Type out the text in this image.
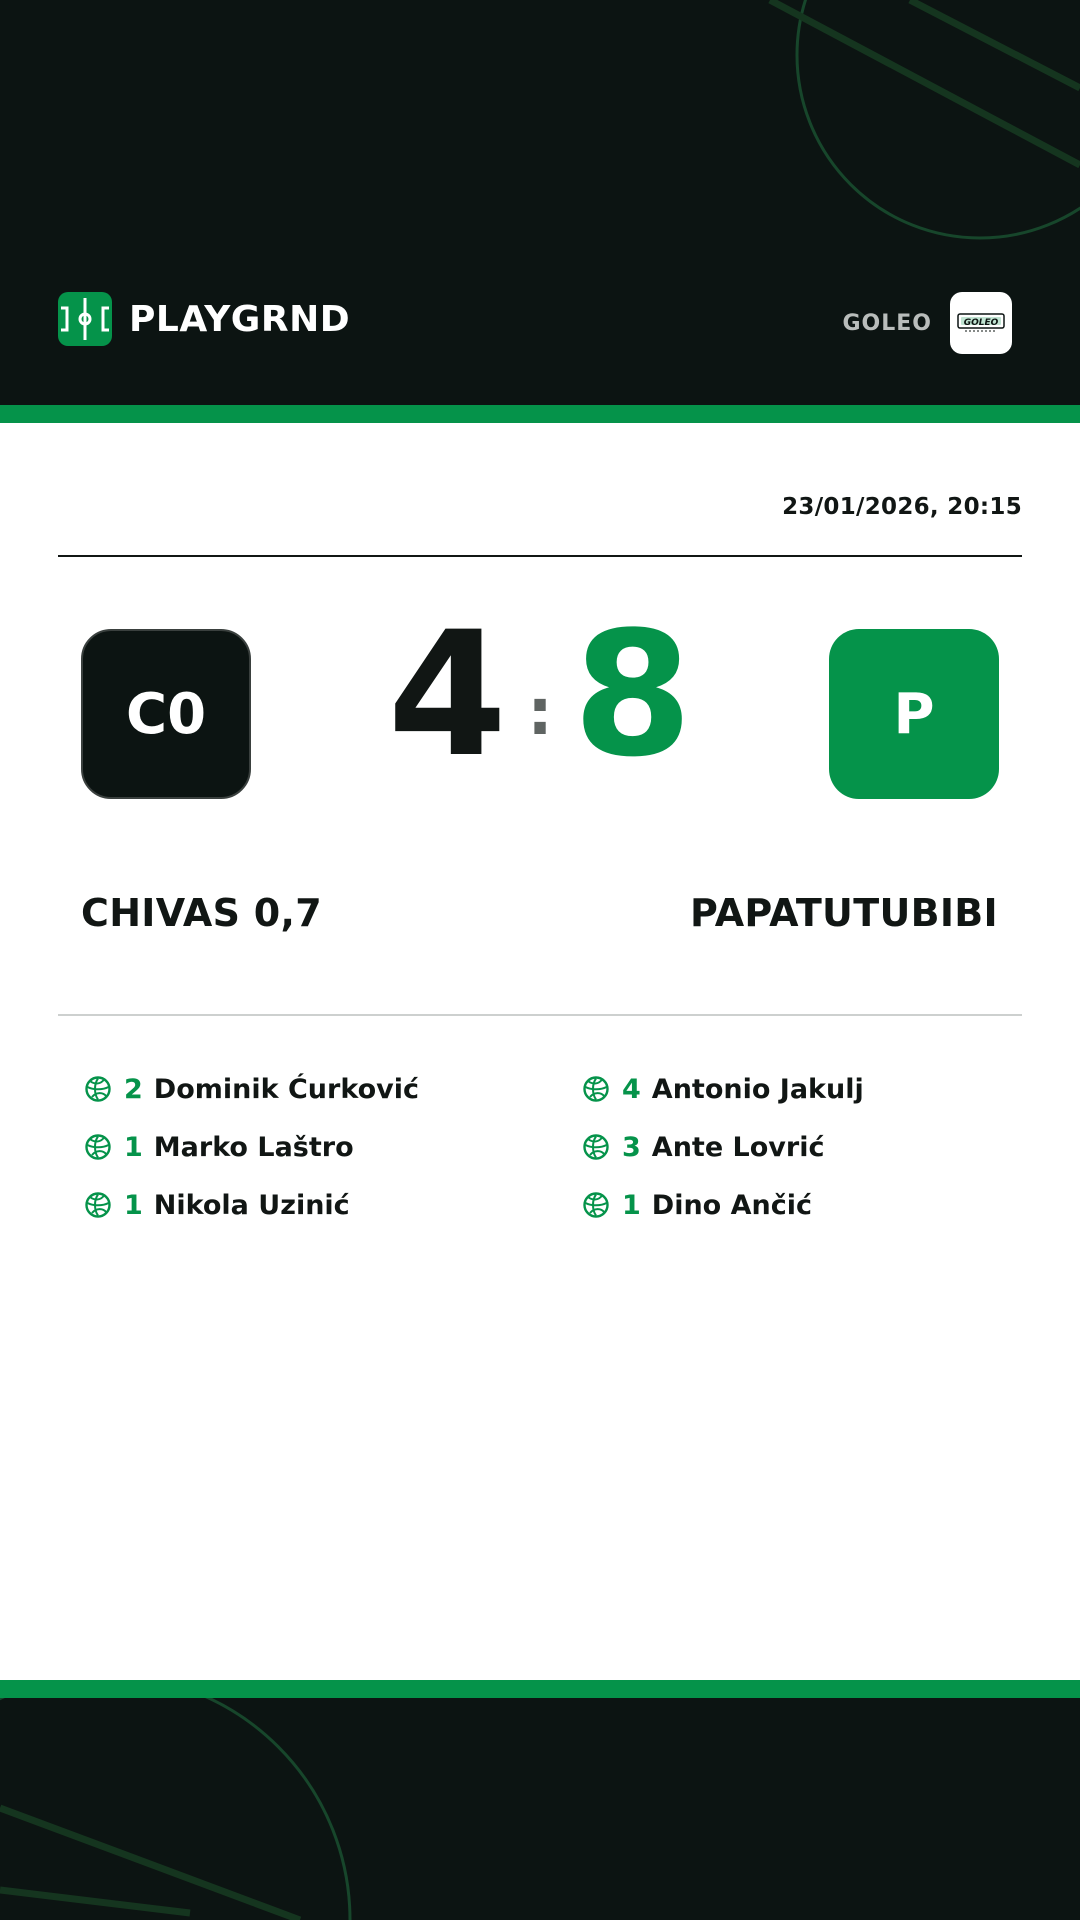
PLAYGRND	GOLEO	GOLEO
23/01/2026, 20:15
C0 4 : 8	P
CHIVAS 0,7	PAPATUTUBIBI
2 Dominik Ćurković
1 Marko Laštro
1 Nikola Uzinić
4 Antonio Jakulj
3 Ante Lovrić
1 Dino Ančić
